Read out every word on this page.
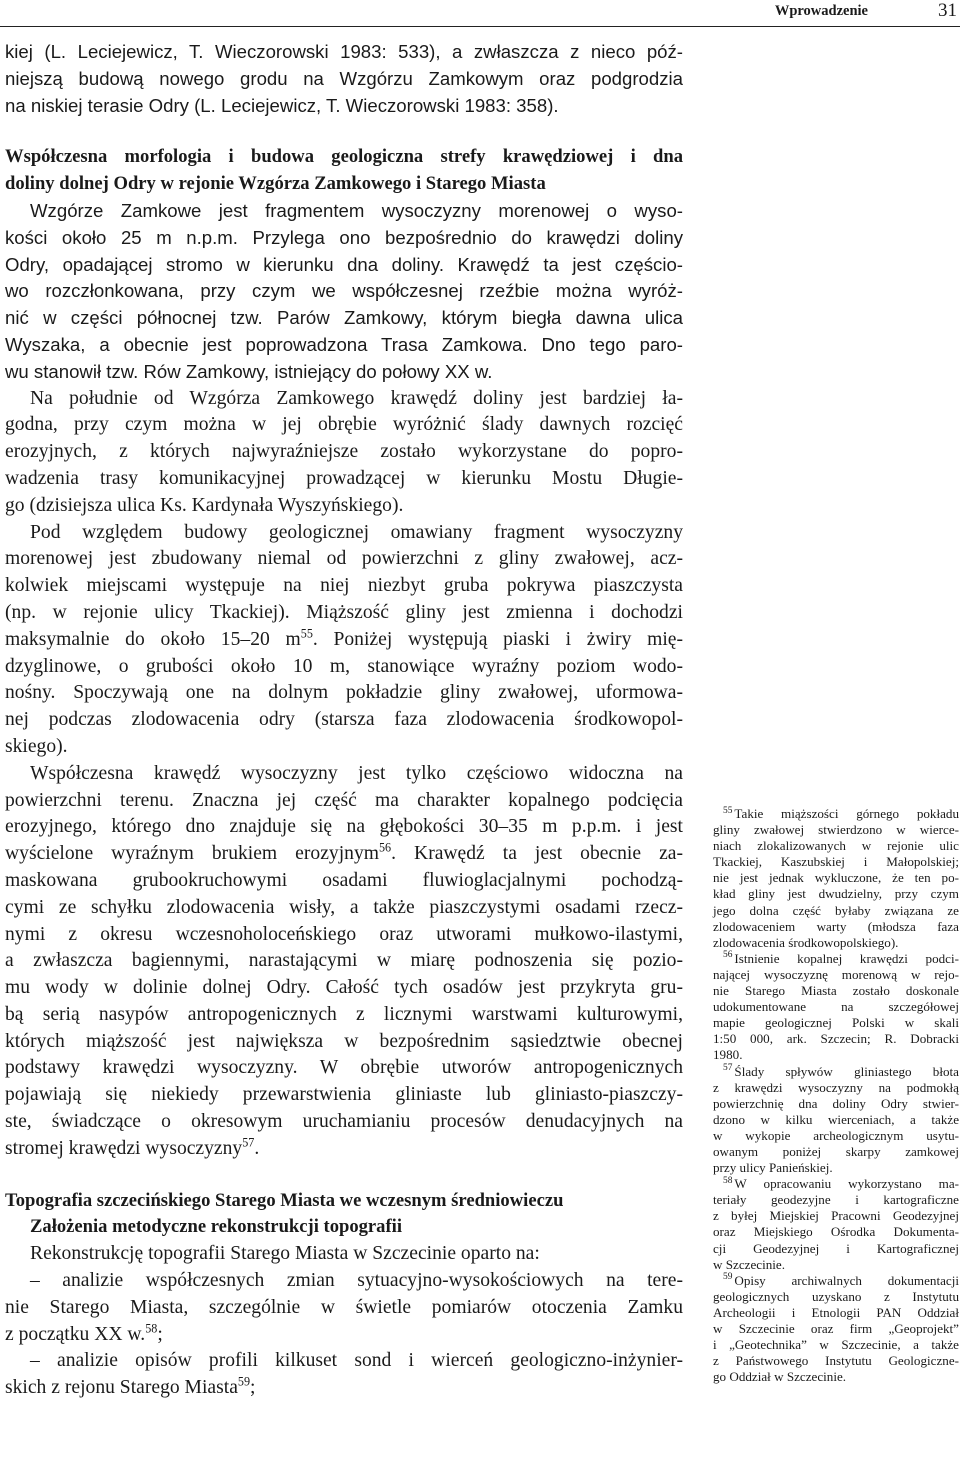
Wprowadzenie	31
kiej (L. Leciejewicz, T. Wieczorowski 1983: 533), a zwłaszcza z nieco póź-
niejszą budową nowego grodu na Wzgórzu Zamkowym oraz podgrodzia
na niskiej terasie Odry (L. Leciejewicz, T. Wieczorowski 1983: 358).
Współczesna morfologia i budowa geologiczna strefy krawędziowej i dna
doliny dolnej Odry w rejonie Wzgórza Zamkowego i Starego Miasta
Wzgórze Zamkowe jest fragmentem wysoczyzny morenowej o wyso-
kości około 25 m n.p.m. Przylega ono bezpośrednio do krawędzi doliny
Odry, opadającej stromo w kierunku dna doliny. Krawędź ta jest częścio-
wo rozczłonkowana, przy czym we współczesnej rzeźbie można wyróż-
nić w części północnej tzw. Parów Zamkowy, którym biegła dawna ulica
Wyszaka, a obecnie jest poprowadzona Trasa Zamkowa. Dno tego paro-
wu stanowił tzw. Rów Zamkowy, istniejący do połowy XX w.
Na południe od Wzgórza Zamkowego krawędź doliny jest bardziej ła-
godna, przy czym można w jej obrębie wyróżnić ślady dawnych rozcięć
erozyjnych, z których najwyraźniejsze zostało wykorzystane do popro-
wadzenia trasy komunikacyjnej prowadzącej w kierunku Mostu Długie-
go (dzisiejsza ulica Ks. Kardynała Wyszyńskiego).
Pod względem budowy geologicznej omawiany fragment wysoczyzny
morenowej jest zbudowany niemal od powierzchni z gliny zwałowej, acz-
kolwiek miejscami występuje na niej niezbyt gruba pokrywa piaszczysta
(np. w rejonie ulicy Tkackiej). Miąższość gliny jest zmienna i dochodzi
maksymalnie do około 15–20 $m^{55}$. Poniżej występują piaski i żwiry mię-
dzyglinowe, o grubości około 10 m, stanowiące wyraźny poziom wodo-
nośny. Spoczywają one na dolnym pokładzie gliny zwałowej, uformowa-
nej podczas zlodowacenia odry (starsza faza zlodowacenia środkowopol-
skiego).
Współczesna krawędź wysoczyzny jest tylko częściowo widoczna na
powierzchni terenu. Znaczna jej część ma charakter kopalnego podcięcia
erozyjnego, którego dno znajduje się na głębokości 30–35 m p.p.m. i jest
wyścielone wyraźnym brukiem erozyjnym$^{56}$. Krawędź ta jest obecnie za-
maskowana grubookruchowymi osadami fluwioglacjalnymi pochodzą-
cymi ze schyłku zlodowacenia wisły, a także piaszczystymi osadami rzecz-
nymi z okresu wczesnoholoceńskiego oraz utworami mułkowo-ilastymi,
a zwłaszcza bagiennymi, narastającymi w miarę podnoszenia się pozio-
mu wody w dolinie dolnej Odry. Całość tych osadów jest przykryta gru-
bą serią nasypów antropogenicznych z licznymi warstwami kulturowymi,
których miąższość jest największa w bezpośrednim sąsiedztwie obecnej
podstawy krawędzi wysoczyzny. W obrębie utworów antropogenicznych
pojawiają się niekiedy przewarstwienia gliniaste lub gliniasto-piaszczy-
ste, świadczące o okresowym uruchamianiu procesów denudacyjnych na
stromej krawędzi wysoczyzny$^{57}$.
Topografia szczecińskiego Starego Miasta we wczesnym średniowieczu
Założenia metodyczne rekonstrukcji topografii
Rekonstrukcję topografii Starego Miasta w Szczecinie oparto na:
– analizie współczesnych zmian sytuacyjno-wysokościowych na tere-
nie Starego Miasta, szczególnie w świetle pomiarów otoczenia Zamku
z początku XX w.$^{58}$;
– analizie opisów profili kilkuset sond i wierceń geologiczno-inżynier-
skich z rejonu Starego Miasta$^{59}$;
$^{55}$ Takie miąższości górnego pokładu
gliny zwałowej stwierdzono w wierce-
niach zlokalizowanych w rejonie ulic
Tkackiej, Kaszubskiej i Małopolskiej;
nie jest jednak wykluczone, że ten po-
kład gliny jest dwudzielny, przy czym
jego dolna część byłaby związana ze
zlodowaceniem warty (młodsza faza
zlodowacenia środkowopolskiego).
$^{56}$ Istnienie kopalnej krawędzi podci-
nającej wysoczyznę morenową w rejo-
nie Starego Miasta zostało doskonale
udokumentowane na szczegółowej
mapie geologicznej Polski w skali
1:50 000, ark. Szczecin; R. Dobracki
1980.
$^{57}$ Ślady spływów gliniastego błota
z krawędzi wysoczyzny na podmokłą
powierzchnię dna doliny Odry stwier-
dzono w kilku wierceniach, a także
w wykopie archeologicznym usytu-
owanym poniżej skarpy zamkowej
przy ulicy Panieńskiej.
$^{58}$ W opracowaniu wykorzystano ma-
teriały geodezyjne i kartograficzne
z byłej Miejskiej Pracowni Geodezyjnej
oraz Miejskiego Ośrodka Dokumenta-
cji Geodezyjnej i Kartograficznej
w Szczecinie.
$^{59}$ Opisy archiwalnych dokumentacji
geologicznych uzyskano z Instytutu
Archeologii i Etnologii PAN Oddział
w Szczecinie oraz firm „Geoprojekt”
i „Geotechnika” w Szczecinie, a także
z Państwowego Instytutu Geologiczne-
go Oddział w Szczecinie.
